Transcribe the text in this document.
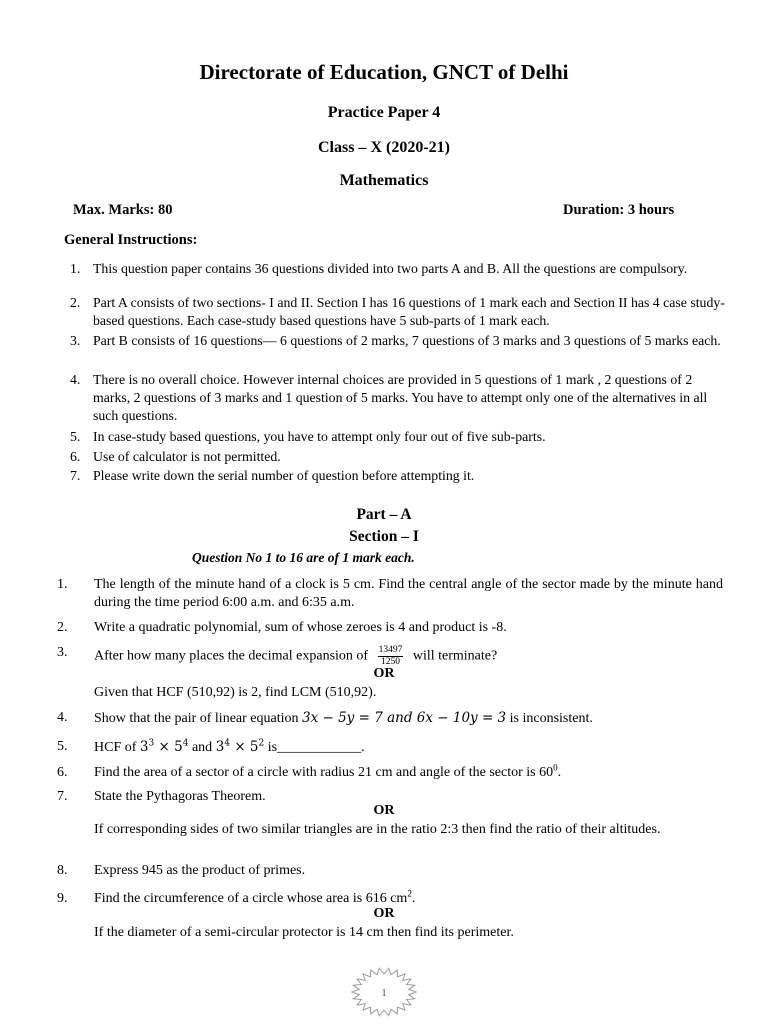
Directorate of Education, GNCT of Delhi
Practice Paper 4
Class – X (2020-21)
Mathematics
Max. Marks: 80	Duration: 3 hours
General Instructions:
1. This question paper contains 36 questions divided into two parts A and B. All the questions are compulsory.
2. Part A consists of two sections- I and II. Section I has 16 questions of 1 mark each and Section II has 4 case study-based questions. Each case-study based questions have 5 sub-parts of 1 mark each.
3. Part B consists of 16 questions— 6 questions of 2 marks, 7 questions of 3 marks and 3 questions of 5 marks each.
4. There is no overall choice. However internal choices are provided in 5 questions of 1 mark , 2 questions of 2 marks, 2 questions of 3 marks and 1 question of 5 marks. You have to attempt only one of the alternatives in all such questions.
5. In case-study based questions, you have to attempt only four out of five sub-parts.
6. Use of calculator is not permitted.
7. Please write down the serial number of question before attempting it.
Part – A
Section – I
Question No 1 to 16 are of 1 mark each.
1. The length of the minute hand of a clock is 5 cm. Find the central angle of the sector made by the minute hand during the time period 6:00 a.m. and 6:35 a.m.
2. Write a quadratic polynomial, sum of whose zeroes is 4 and product is -8.
3. After how many places the decimal expansion of $\frac{13497}{1250}$ will terminate?
OR
Given that HCF (510,92) is 2, find LCM (510,92).
4. Show that the pair of linear equation 3x − 5y = 7 and 6x − 10y = 3 is inconsistent.
5. HCF of $3^3 \times 5^4$ and $3^4 \times 5^2$ is____________.
6. Find the area of a sector of a circle with radius 21 cm and angle of the sector is $60^0$.
7. State the Pythagoras Theorem.
OR
If corresponding sides of two similar triangles are in the ratio 2:3 then find the ratio of their altitudes.
8. Express 945 as the product of primes.
9. Find the circumference of a circle whose area is 616 $cm^2$.
OR
If the diameter of a semi-circular protector is 14 cm then find its perimeter.
1
